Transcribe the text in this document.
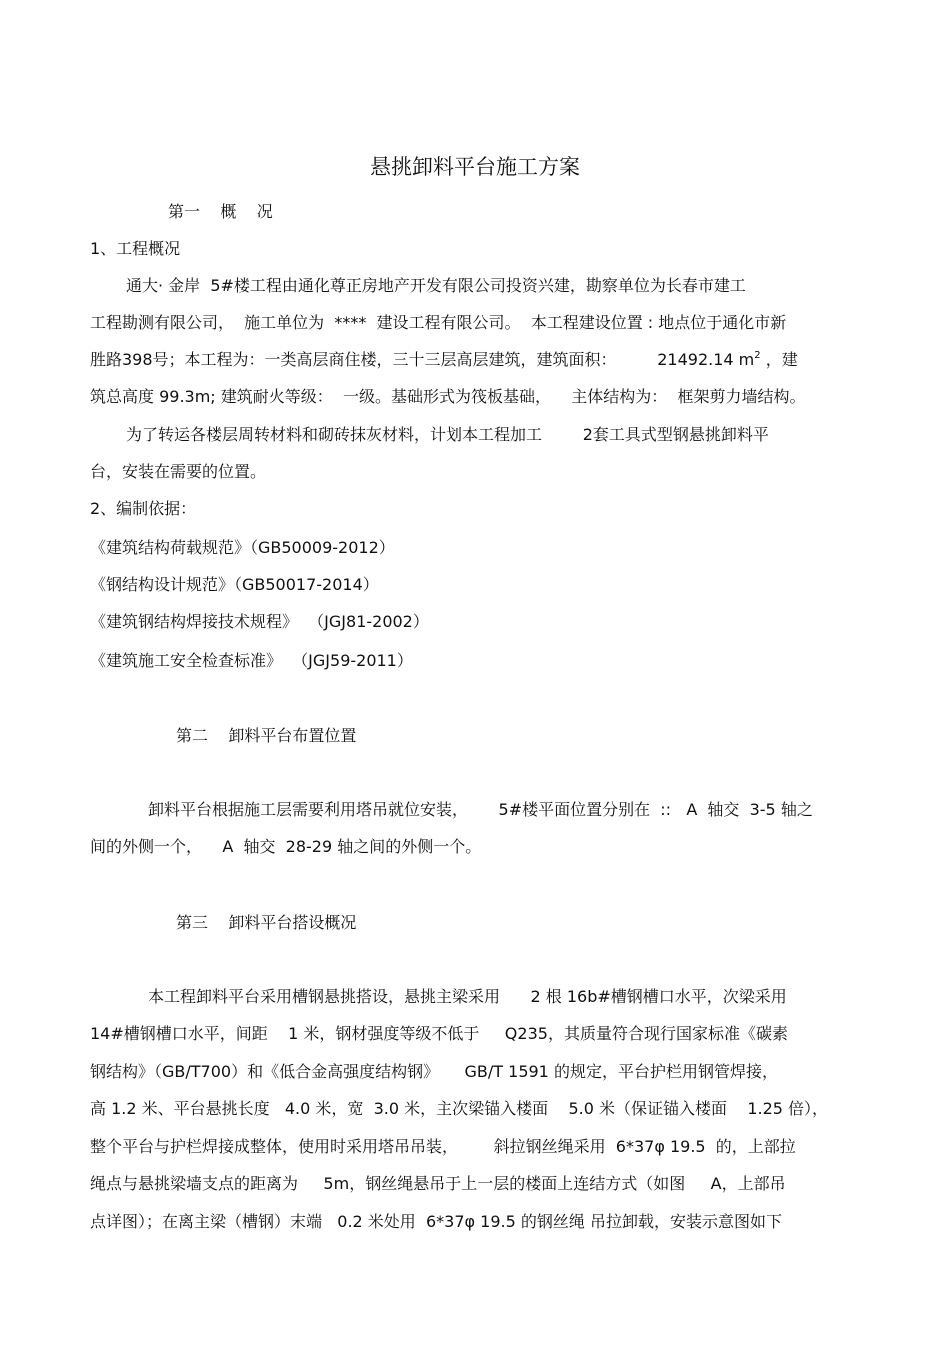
悬挑卸料平台施工方案
第一    概    况
1、工程概况
通大· 金岸  5#楼工程由通化尊正房地产开发有限公司投资兴建，勘察单位为长春市建工
工程勘测有限公司，  施工单位为  ****  建设工程有限公司。  本工程建设位置 : 地点位于通化市新
胜路398号；本工程为：一类高层商住楼，三十三层高层建筑，建筑面积：        21492.14 $m^2$ ，建
筑总高度 99.3m; 建筑耐火等级：  一级。基础形式为筏板基础，    主体结构为：  框架剪力墙结构。
为了转运各楼层周转材料和砌砖抹灰材料，计划本工程加工        2套工具式型钢悬挑卸料平
台，安装在需要的位置。
2、编制依据：
《建筑结构荷载规范》（GB50009-2012）
《钢结构设计规范》（GB50017-2014）
《建筑钢结构焊接技术规程》  （JGJ81-2002）
《建筑施工安全检查标准》  （JGJ59-2011）
第二    卸料平台布置位置
卸料平台根据施工层需要利用塔吊就位安装，      5#楼平面位置分别在  ::   A  轴交  3-5 轴之
间的外侧一个，    A  轴交  28-29 轴之间的外侧一个。
第三    卸料平台搭设概况
本工程卸料平台采用槽钢悬挑搭设，悬挑主梁采用      2 根 16b#槽钢槽口水平，次梁采用
14#槽钢槽口水平，间距    1 米，钢材强度等级不低于     Q235，其质量符合现行国家标准《碳素
钢结构》（GB/T700）和《低合金高强度结构钢》     GB/T 1591 的规定，平台护栏用钢管焊接，
高 1.2 米、平台悬挑长度   4.0 米，宽  3.0 米，主次梁锚入楼面    5.0 米（保证锚入楼面    1.25 倍），
整个平台与护栏焊接成整体，使用时采用塔吊吊装，       斜拉钢丝绳采用  6*37φ 19.5  的，上部拉
绳点与悬挑梁墙支点的距离为     5m，钢丝绳悬吊于上一层的楼面上连结方式（如图     A，上部吊
点详图）；在离主梁（槽钢）末端   0.2 米处用  6*37φ 19.5 的钢丝绳 吊拉卸载，安装示意图如下
